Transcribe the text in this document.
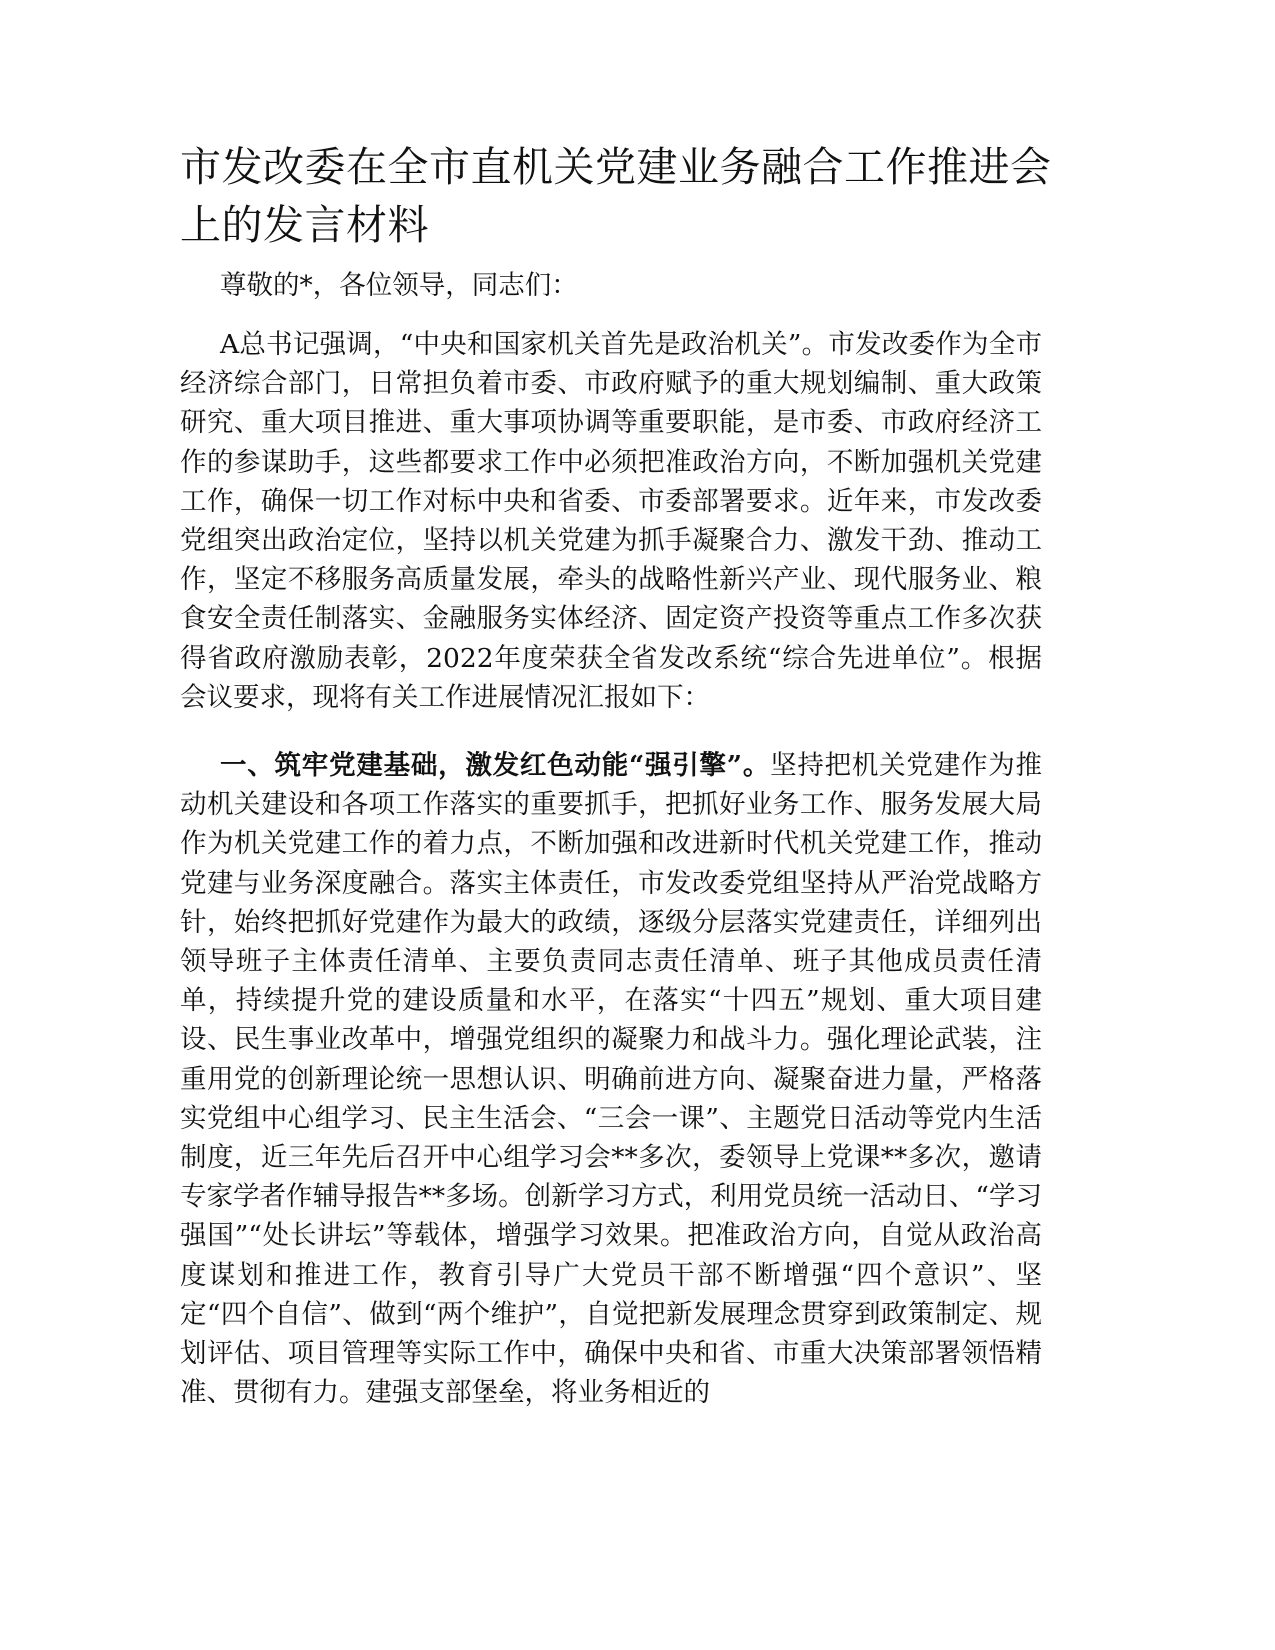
市发改委在全市直机关党建业务融合工作推进会上的发言材料

尊敬的*，各位领导，同志们：

A总书记强调，“中央和国家机关首先是政治机关”。市发改委作为全市经济综合部门，日常担负着市委、市政府赋予的重大规划编制、重大政策研究、重大项目推进、重大事项协调等重要职能，是市委、市政府经济工作的参谋助手，这些都要求工作中必须把准政治方向，不断加强机关党建工作，确保一切工作对标中央和省委、市委部署要求。近年来，市发改委党组突出政治定位，坚持以机关党建为抓手凝聚合力、激发干劲、推动工作，坚定不移服务高质量发展，牵头的战略性新兴产业、现代服务业、粮食安全责任制落实、金融服务实体经济、固定资产投资等重点工作多次获得省政府激励表彰，2022年度荣获全省发改系统“综合先进单位”。根据会议要求，现将有关工作进展情况汇报如下：

一、筑牢党建基础，激发红色动能“强引擎”。坚持把机关党建作为推动机关建设和各项工作落实的重要抓手，把抓好业务工作、服务发展大局作为机关党建工作的着力点，不断加强和改进新时代机关党建工作，推动党建与业务深度融合。落实主体责任，市发改委党组坚持从严治党战略方针，始终把抓好党建作为最大的政绩，逐级分层落实党建责任，详细列出领导班子主体责任清单、主要负责同志责任清单、班子其他成员责任清单，持续提升党的建设质量和水平，在落实“十四五”规划、重大项目建设、民生事业改革中，增强党组织的凝聚力和战斗力。强化理论武装，注重用党的创新理论统一思想认识、明确前进方向、凝聚奋进力量，严格落实党组中心组学习、民主生活会、“三会一课”、主题党日活动等党内生活制度，近三年先后召开中心组学习会**多次，委领导上党课**多次，邀请专家学者作辅导报告**多场。创新学习方式，利用党员统一活动日、“学习强国”“处长讲坛”等载体，增强学习效果。把准政治方向，自觉从政治高度谋划和推进工作，教育引导广大党员干部不断增强“四个意识”、坚定“四个自信”、做到“两个维护”，自觉把新发展理念贯穿到政策制定、规划评估、项目管理等实际工作中，确保中央和省、市重大决策部署领悟精准、贯彻有力。建强支部堡垒，将业务相近的
